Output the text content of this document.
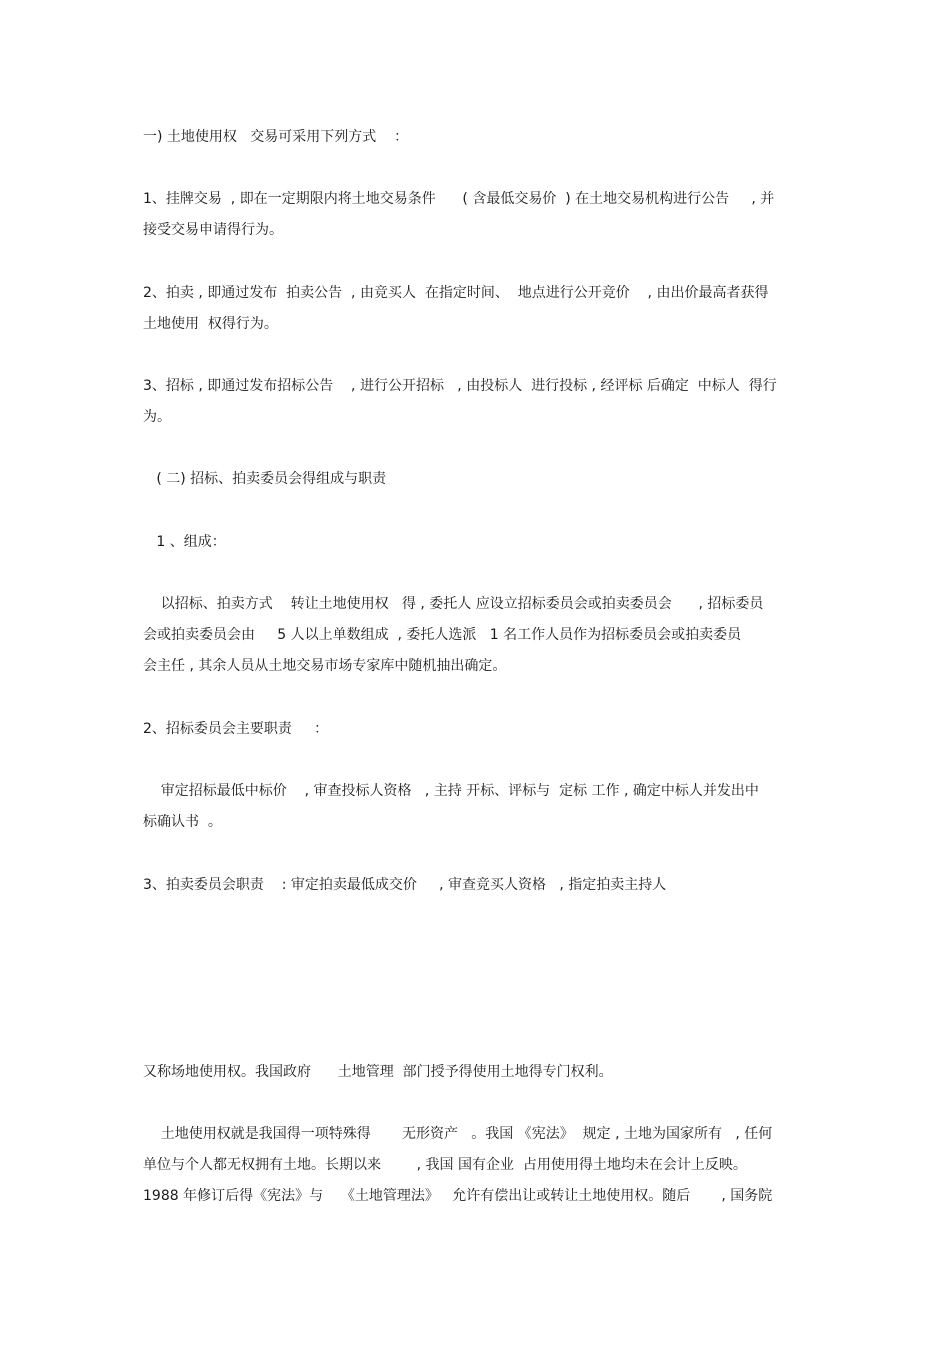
一) 土地使用权   交易可采用下列方式    ：
1、挂牌交易  , 即在一定期限内将土地交易条件      ( 含最低交易价  ) 在土地交易机构进行公告     , 并
接受交易申请得行为。
2、拍卖 , 即通过发布  拍卖公告  , 由竞买人  在指定时间、  地点进行公开竞价    , 由出价最高者获得
土地使用  权得行为。
3、招标 , 即通过发布招标公告    , 进行公开招标   , 由投标人  进行投标 , 经评标 后确定  中标人  得行
为。
( 二) 招标、拍卖委员会得组成与职责
1 、组成：
以招标、拍卖方式    转让土地使用权   得 , 委托人 应设立招标委员会或拍卖委员会      , 招标委员
会或拍卖委员会由     5 人以上单数组成  , 委托人选派   1 名工作人员作为招标委员会或拍卖委员
会主任 , 其余人员从土地交易市场专家库中随机抽出确定。
2、招标委员会主要职责     ：
审定招标最低中标价    , 审查投标人资格   , 主持 开标、评标与  定标 工作 , 确定中标人并发出中
标确认书  。
3、拍卖委员会职责    : 审定拍卖最低成交价     , 审查竞买人资格   , 指定拍卖主持人
又称场地使用权。我国政府      土地管理  部门授予得使用土地得专门权利。
土地使用权就是我国得一项特殊得       无形资产   。我国 《宪法》  规定 , 土地为国家所有   , 任何
单位与个人都无权拥有土地。长期以来        , 我国 国有企业  占用使用得土地均未在会计上反映。
1988 年修订后得《宪法》与    《土地管理法》   允许有偿出让或转让土地使用权。随后       , 国务院
